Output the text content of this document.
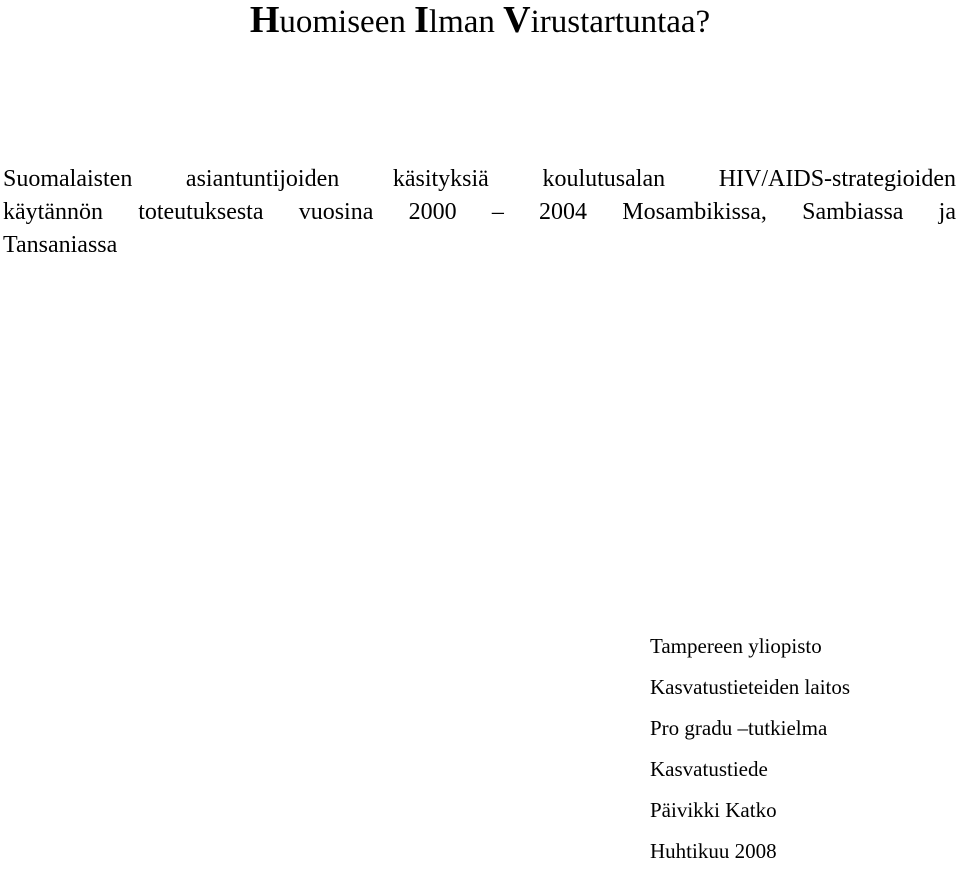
Huomiseen Ilman Virustartuntaa?
Suomalaisten asiantuntijoiden käsityksiä koulutusalan HIV/AIDS-strategioiden
käytännön toteutuksesta vuosina 2000 – 2004 Mosambikissa, Sambiassa ja
Tansaniassa
Tampereen yliopisto
Kasvatustieteiden laitos
Pro gradu –tutkielma
Kasvatustiede
Päivikki Katko
Huhtikuu 2008
